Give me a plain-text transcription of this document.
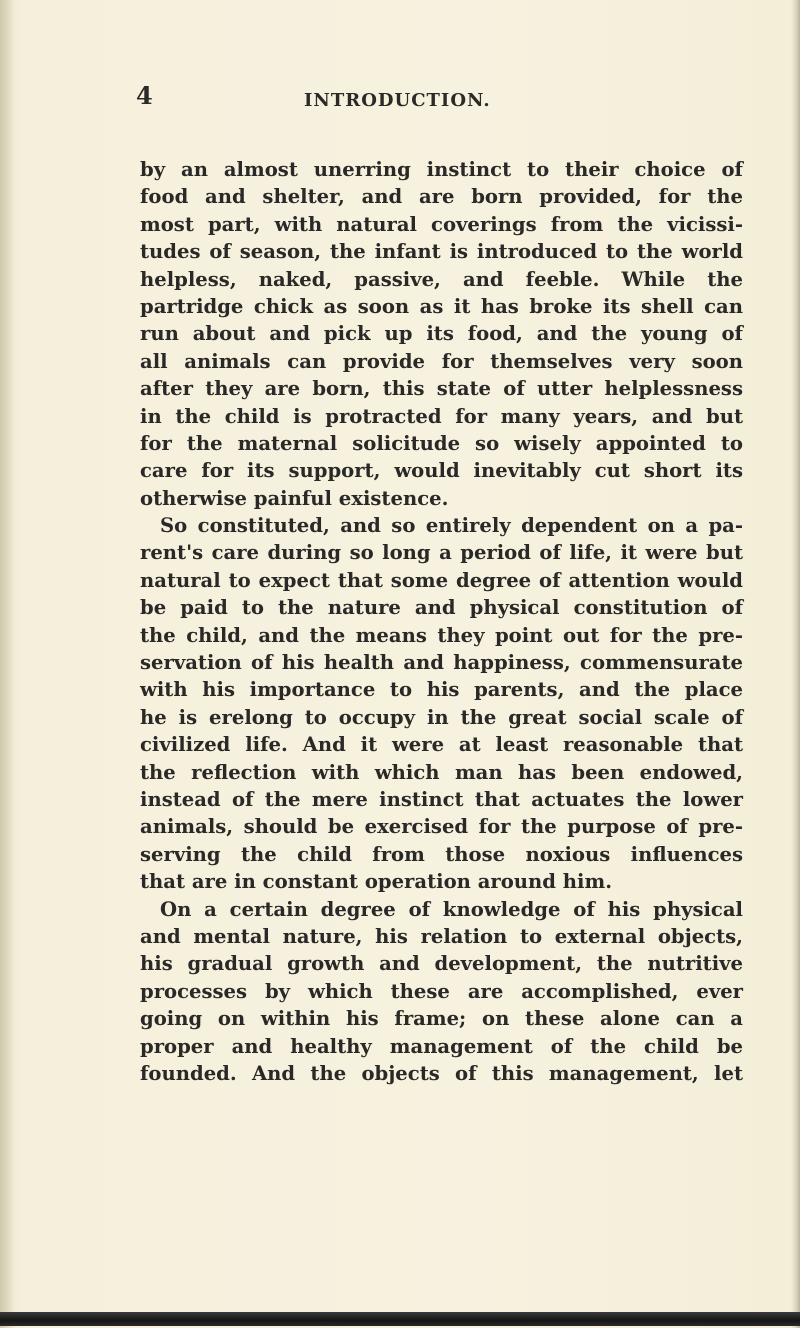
4	INTRODUCTION.
by an almost unerring instinct to their choice of
food and shelter, and are born provided, for the
most part, with natural coverings from the vicissi-
tudes of season, the infant is introduced to the world
helpless, naked, passive, and feeble. While the
partridge chick as soon as it has broke its shell can
run about and pick up its food, and the young of
all animals can provide for themselves very soon
after they are born, this state of utter helplessness
in the child is protracted for many years, and but
for the maternal solicitude so wisely appointed to
care for its support, would inevitably cut short its
otherwise painful existence.
So constituted, and so entirely dependent on a pa-
rent's care during so long a period of life, it were but
natural to expect that some degree of attention would
be paid to the nature and physical constitution of
the child, and the means they point out for the pre-
servation of his health and happiness, commensurate
with his importance to his parents, and the place
he is erelong to occupy in the great social scale of
civilized life. And it were at least reasonable that
the reflection with which man has been endowed,
instead of the mere instinct that actuates the lower
animals, should be exercised for the purpose of pre-
serving the child from those noxious influences
that are in constant operation around him.
On a certain degree of knowledge of his physical
and mental nature, his relation to external objects,
his gradual growth and development, the nutritive
processes by which these are accomplished, ever
going on within his frame; on these alone can a
proper and healthy management of the child be
founded. And the objects of this management, let
